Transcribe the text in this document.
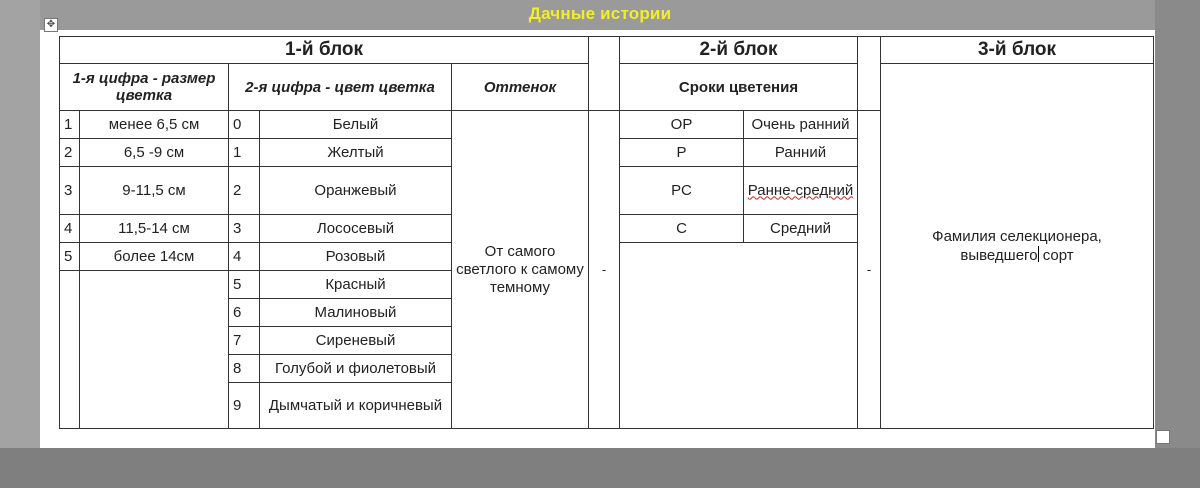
Дачные истории
✥
1-й блок						2-й блок			3-й блок
1-я цифра - размер цветка		2-я цифра - цвет цветка		Оттенок		Сроки цветения			Фамилия селекционера,
выведшего сорт
1	менее 6,5 см	0	Белый	От самого светлого к самому темному	-	ОР	Очень ранний	-	
2	6,5 -9 см	1	Желтый			Р	Ранний		
3	9-11,5 см	2	Оранжевый			РС	Ранне-средний		
4	11,5-14 см	3	Лососевый			С	Средний		
5	более 14см	4	Розовый						
		5	Красный						
		6	Малиновый						
		7	Сиреневый						
		8	Голубой и фиолетовый						
		9	Дымчатый и коричневый						
